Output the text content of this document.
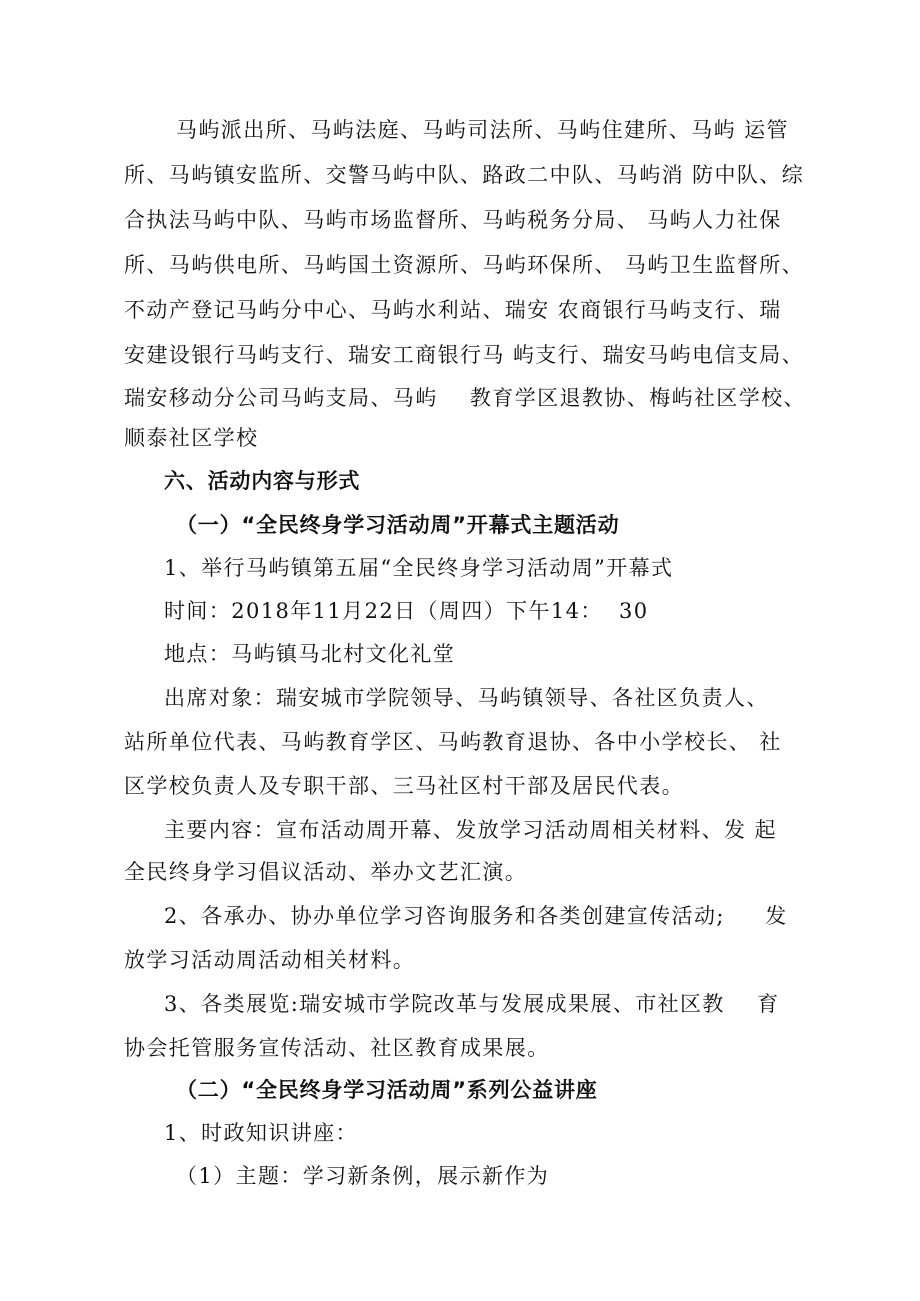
马屿派出所、马屿法庭、马屿司法所、马屿住建所、马屿 运管
所、马屿镇安监所、交警马屿中队、路政二中队、马屿消 防中队、综
合执法马屿中队、马屿市场监督所、马屿税务分局、 马屿人力社保
所、马屿供电所、马屿国土资源所、马屿环保所、 马屿卫生监督所、
不动产登记马屿分中心、马屿水利站、瑞安 农商银行马屿支行、瑞
安建设银行马屿支行、瑞安工商银行马 屿支行、瑞安马屿电信支局、
瑞安移动分公司马屿支局、马屿    教育学区退教协、梅屿社区学校、
顺泰社区学校
六、活动内容与形式
（一）“全民终身学习活动周”开幕式主题活动
1、举行马屿镇第五届“全民终身学习活动周”开幕式
时间：2018年11月22日（周四）下午14：  30
地点：马屿镇马北村文化礼堂
出席对象：瑞安城市学院领导、马屿镇领导、各社区负责人、
站所单位代表、马屿教育学区、马屿教育退协、各中小学校长、 社
区学校负责人及专职干部、三马社区村干部及居民代表。
主要内容：宣布活动周开幕、发放学习活动周相关材料、发 起
全民终身学习倡议活动、举办文艺汇演。
2、各承办、协办单位学习咨询服务和各类创建宣传活动;     发
放学习活动周活动相关材料。
3、各类展览:瑞安城市学院改革与发展成果展、市社区教    育
协会托管服务宣传活动、社区教育成果展。
（二）“全民终身学习活动周”系列公益讲座
1、时政知识讲座：
（1）主题：学习新条例，展示新作为
